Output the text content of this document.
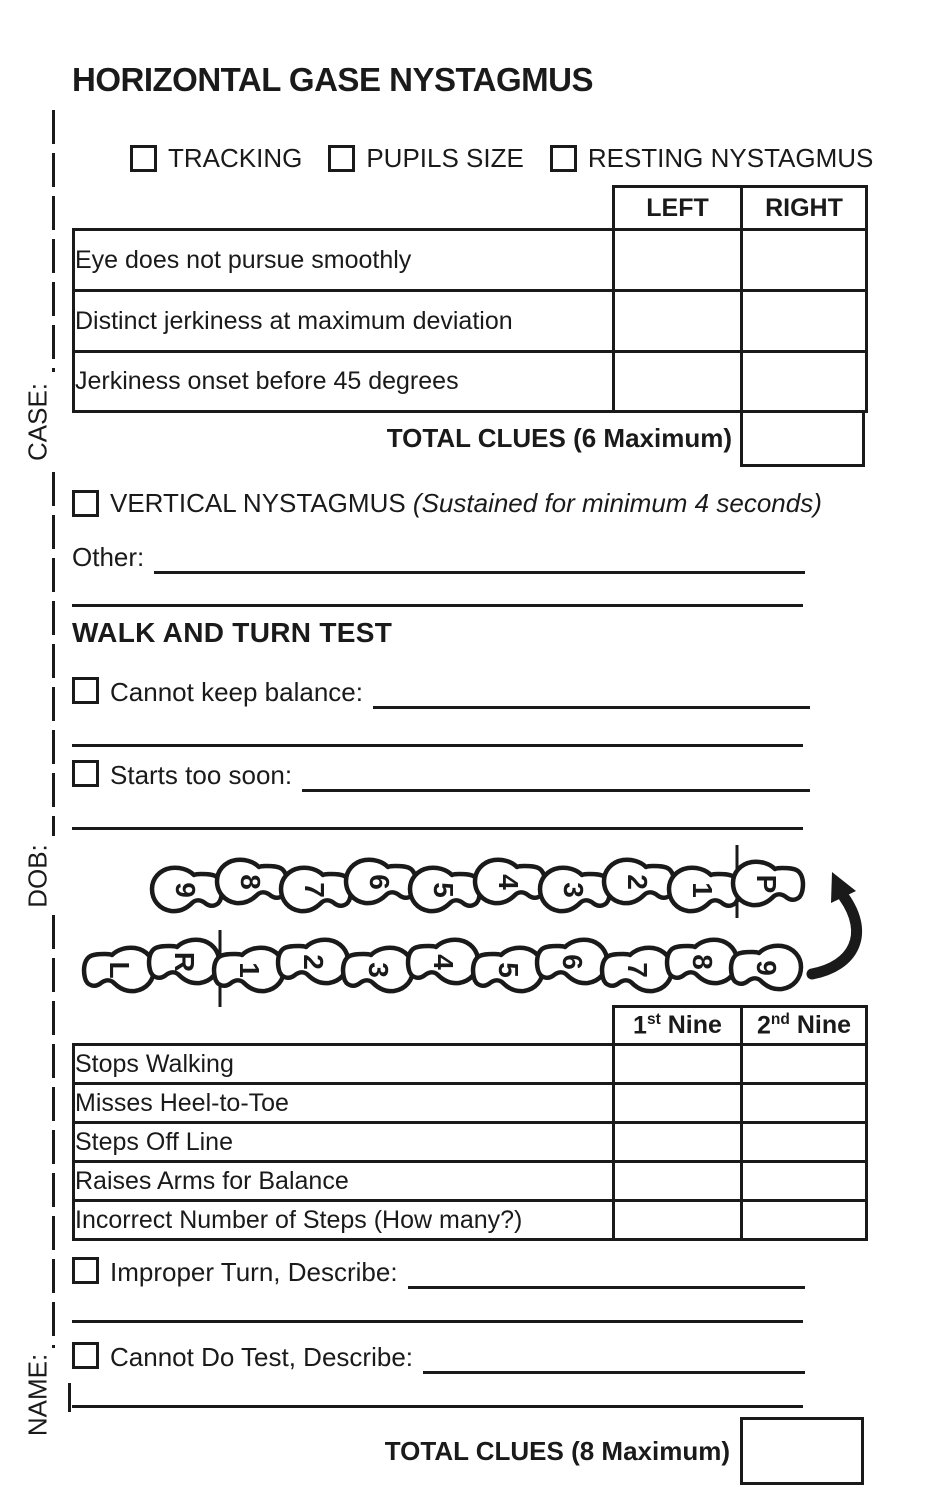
CASE:
DOB:
NAME:
HORIZONTAL GASE NYSTAGMUS
TRACKING PUPILS SIZE RESTING NYSTAGMUS
	LEFT	RIGHT
Eye does not pursue smoothly		
Distinct jerkiness at maximum deviation		
Jerkiness onset before 45 degrees		
TOTAL CLUES (6 Maximum)
VERTICAL NYSTAGMUS (Sustained for minimum 4 seconds)
Other:
WALK AND TURN TEST
Cannot keep balance:
Starts too soon:
9
8
7
6
5
4
3
2
1 P
L R 1
2
3
4
5
6
7
8 9
	1st Nine	2nd Nine
Stops Walking		
Misses Heel-to-Toe		
Steps Off Line		
Raises Arms for Balance		
Incorrect Number of Steps (How many?)		
Improper Turn, Describe:
Cannot Do Test, Describe:
TOTAL CLUES (8 Maximum)
